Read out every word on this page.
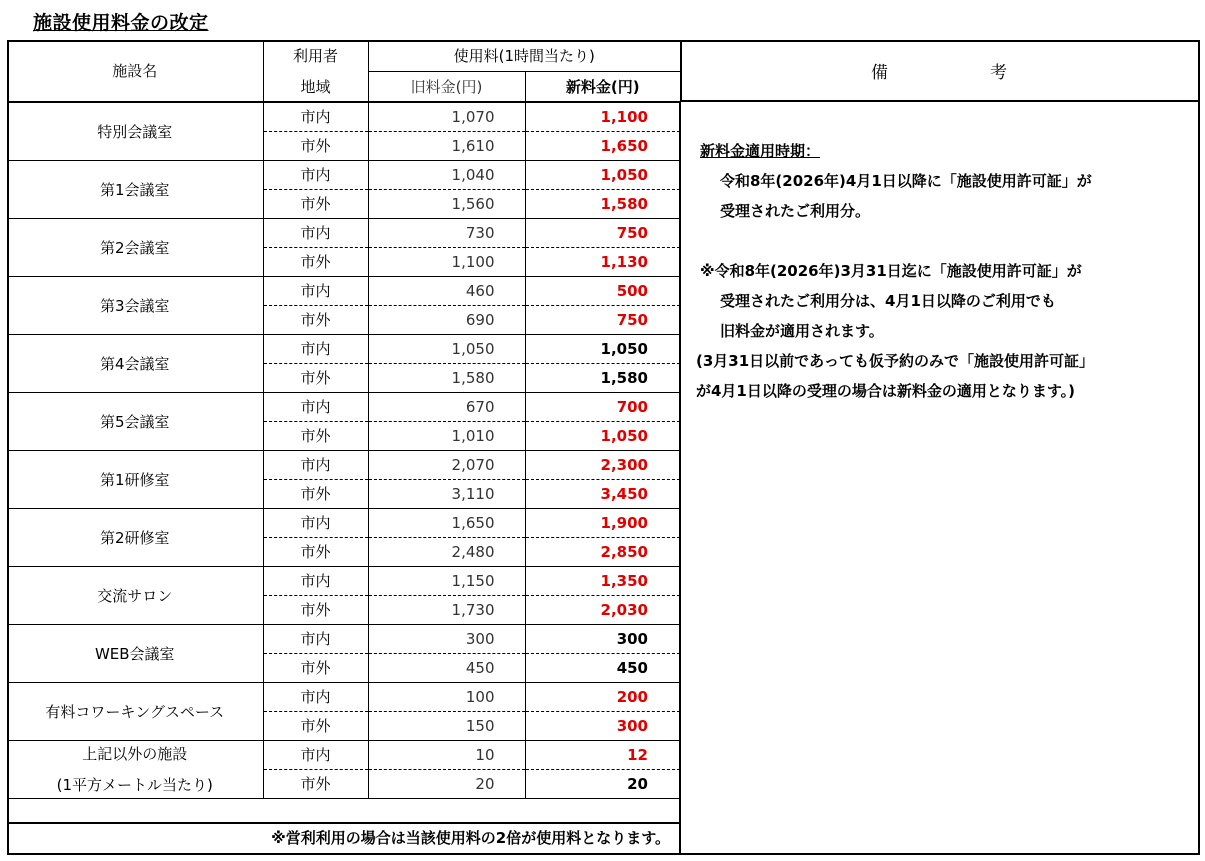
施設使用料金の改定
施設名	利用者	使用料(1時間当たり)	
	地域	旧料金(円)	新料金(円)

特別会議室	市内	1,070	1,100
	市外	1,610	1,650

第1会議室	市内	1,040	1,050
	市外	1,560	1,580

第2会議室	市内	730	750
	市外	1,100	1,130

第3会議室	市内	460	500
	市外	690	750

第4会議室	市内	1,050	1,050
	市外	1,580	1,580

第5会議室	市内	670	700
	市外	1,010	1,050

第1研修室	市内	2,070	2,300
	市外	3,110	3,450

第2研修室	市内	1,650	1,900
	市外	2,480	2,850

交流サロン	市内	1,150	1,350
	市外	1,730	2,030

WEB会議室	市内	300	300
	市外	450	450

有料コワーキングスペース	市内	100	200
	市外	150	300

上記以外の施設
(1平方メートル当たり)	市内	10	12
	市外	20	20
備	考
新料金適用時期：
令和8年(2026年)4月1日以降に「施設使用許可証」が
受理されたご利用分。
※令和8年(2026年)3月31日迄に「施設使用許可証」が
受理されたご利用分は、4月1日以降のご利用でも
旧料金が適用されます。
(3月31日以前であっても仮予約のみで「施設使用許可証」
が4月1日以降の受理の場合は新料金の適用となります。)
※営利利用の場合は当該使用料の2倍が使用料となります。
